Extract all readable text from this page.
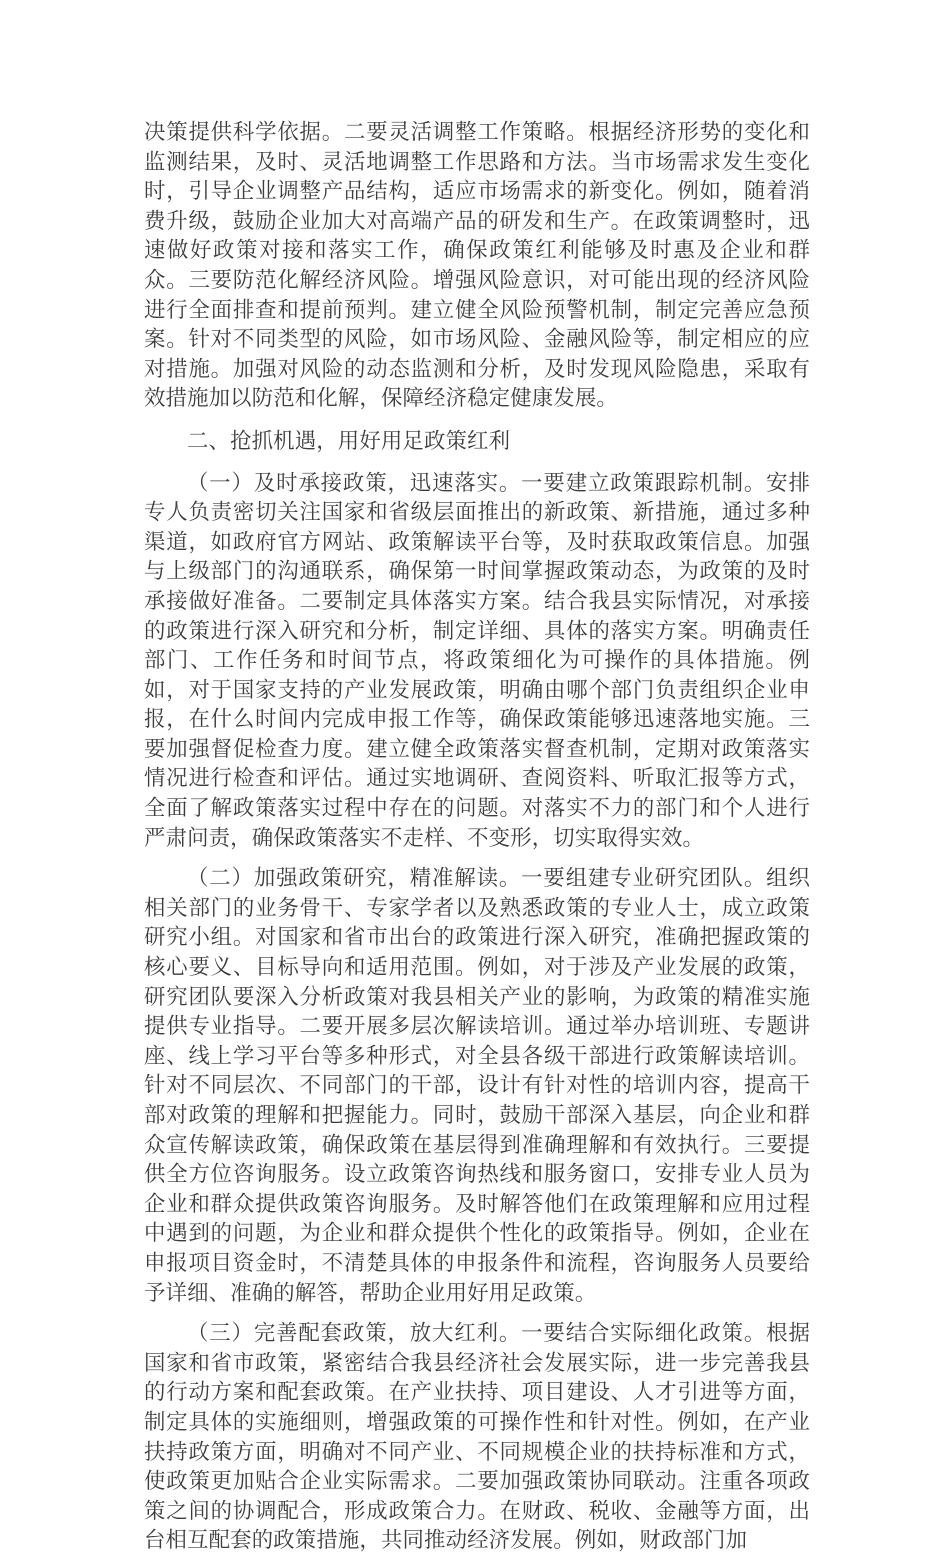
决策提供科学依据。二要灵活调整工作策略。根据经济形势的变化和监测结果，及时、灵活地调整工作思路和方法。当市场需求发生变化时，引导企业调整产品结构，适应市场需求的新变化。例如，随着消费升级，鼓励企业加大对高端产品的研发和生产。在政策调整时，迅速做好政策对接和落实工作，确保政策红利能够及时惠及企业和群众。三要防范化解经济风险。增强风险意识，对可能出现的经济风险进行全面排查和提前预判。建立健全风险预警机制，制定完善应急预案。针对不同类型的风险，如市场风险、金融风险等，制定相应的应对措施。加强对风险的动态监测和分析，及时发现风险隐患，采取有效措施加以防范和化解，保障经济稳定健康发展。

二、抢抓机遇，用好用足政策红利

（一）及时承接政策，迅速落实。一要建立政策跟踪机制。安排专人负责密切关注国家和省级层面推出的新政策、新措施，通过多种渠道，如政府官方网站、政策解读平台等，及时获取政策信息。加强与上级部门的沟通联系，确保第一时间掌握政策动态，为政策的及时承接做好准备。二要制定具体落实方案。结合我县实际情况，对承接的政策进行深入研究和分析，制定详细、具体的落实方案。明确责任部门、工作任务和时间节点，将政策细化为可操作的具体措施。例如，对于国家支持的产业发展政策，明确由哪个部门负责组织企业申报，在什么时间内完成申报工作等，确保政策能够迅速落地实施。三要加强督促检查力度。建立健全政策落实督查机制，定期对政策落实情况进行检查和评估。通过实地调研、查阅资料、听取汇报等方式，全面了解政策落实过程中存在的问题。对落实不力的部门和个人进行严肃问责，确保政策落实不走样、不变形，切实取得实效。

（二）加强政策研究，精准解读。一要组建专业研究团队。组织相关部门的业务骨干、专家学者以及熟悉政策的专业人士，成立政策研究小组。对国家和省市出台的政策进行深入研究，准确把握政策的核心要义、目标导向和适用范围。例如，对于涉及产业发展的政策，研究团队要深入分析政策对我县相关产业的影响，为政策的精准实施提供专业指导。二要开展多层次解读培训。通过举办培训班、专题讲座、线上学习平台等多种形式，对全县各级干部进行政策解读培训。针对不同层次、不同部门的干部，设计有针对性的培训内容，提高干部对政策的理解和把握能力。同时，鼓励干部深入基层，向企业和群众宣传解读政策，确保政策在基层得到准确理解和有效执行。三要提供全方位咨询服务。设立政策咨询热线和服务窗口，安排专业人员为企业和群众提供政策咨询服务。及时解答他们在政策理解和应用过程中遇到的问题，为企业和群众提供个性化的政策指导。例如，企业在申报项目资金时，不清楚具体的申报条件和流程，咨询服务人员要给予详细、准确的解答，帮助企业用好用足政策。

（三）完善配套政策，放大红利。一要结合实际细化政策。根据国家和省市政策，紧密结合我县经济社会发展实际，进一步完善我县的行动方案和配套政策。在产业扶持、项目建设、人才引进等方面，制定具体的实施细则，增强政策的可操作性和针对性。例如，在产业扶持政策方面，明确对不同产业、不同规模企业的扶持标准和方式，使政策更加贴合企业实际需求。二要加强政策协同联动。注重各项政策之间的协调配合，形成政策合力。在财政、税收、金融等方面，出台相互配套的政策措施，共同推动经济发展。例如，财政部门加
